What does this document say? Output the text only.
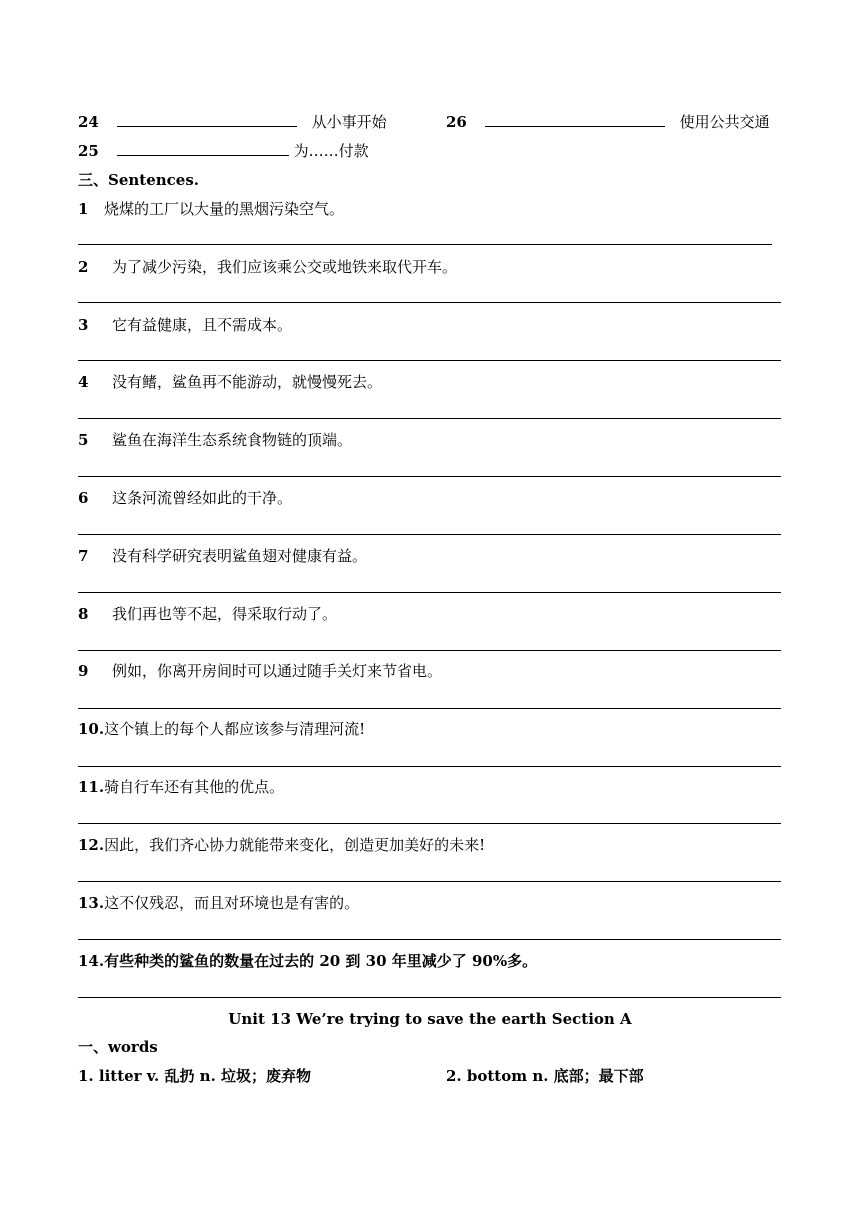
24	从小事开始	26	使用公共交通
25	为……付款
三、Sentences.
1 烧煤的工厂以大量的黑烟污染空气。
2 为了减少污染，我们应该乘公交或地铁来取代开车。
3 它有益健康，且不需成本。
4 没有鳍，鲨鱼再不能游动，就慢慢死去。
5 鲨鱼在海洋生态系统食物链的顶端。
6 这条河流曾经如此的干净。
7 没有科学研究表明鲨鱼翅对健康有益。
8 我们再也等不起，得采取行动了。
9 例如，你离开房间时可以通过随手关灯来节省电。
10.这个镇上的每个人都应该参与清理河流!
11.骑自行车还有其他的优点。
12.因此，我们齐心协力就能带来变化，创造更加美好的未来!
13.这不仅残忍，而且对环境也是有害的。
14.有些种类的鲨鱼的数量在过去的 20 到 30 年里减少了 90%多。
Unit 13 We’re trying to save the earth Section A
一、words
1. litter v. 乱扔 n. 垃圾；废弃物	2. bottom n. 底部；最下部
